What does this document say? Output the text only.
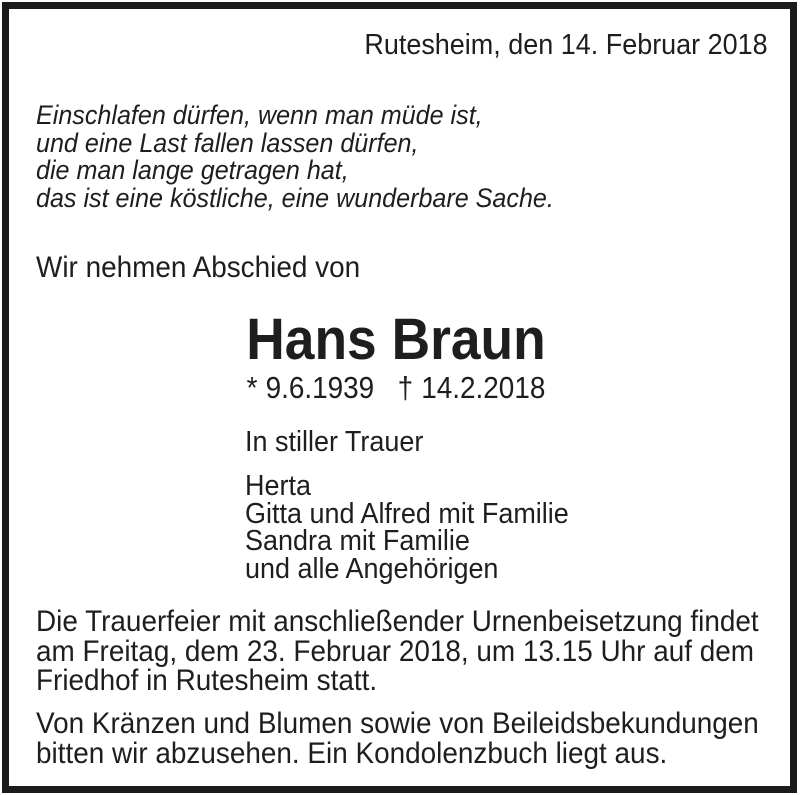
Rutesheim, den 14. Februar 2018
Einschlafen dürfen, wenn man müde ist,
und eine Last fallen lassen dürfen,
die man lange getragen hat,
das ist eine köstliche, eine wunderbare Sache.
Wir nehmen Abschied von
Hans Braun
* 9.6.1939 † 14.2.2018
In stiller Trauer
Herta
Gitta und Alfred mit Familie
Sandra mit Familie
und alle Angehörigen
Die Trauerfeier mit anschließender Urnenbeisetzung findet
am Freitag, dem 23. Februar 2018, um 13.15 Uhr auf dem
Friedhof in Rutesheim statt.
Von Kränzen und Blumen sowie von Beileidsbekundungen
bitten wir abzusehen. Ein Kondolenzbuch liegt aus.
